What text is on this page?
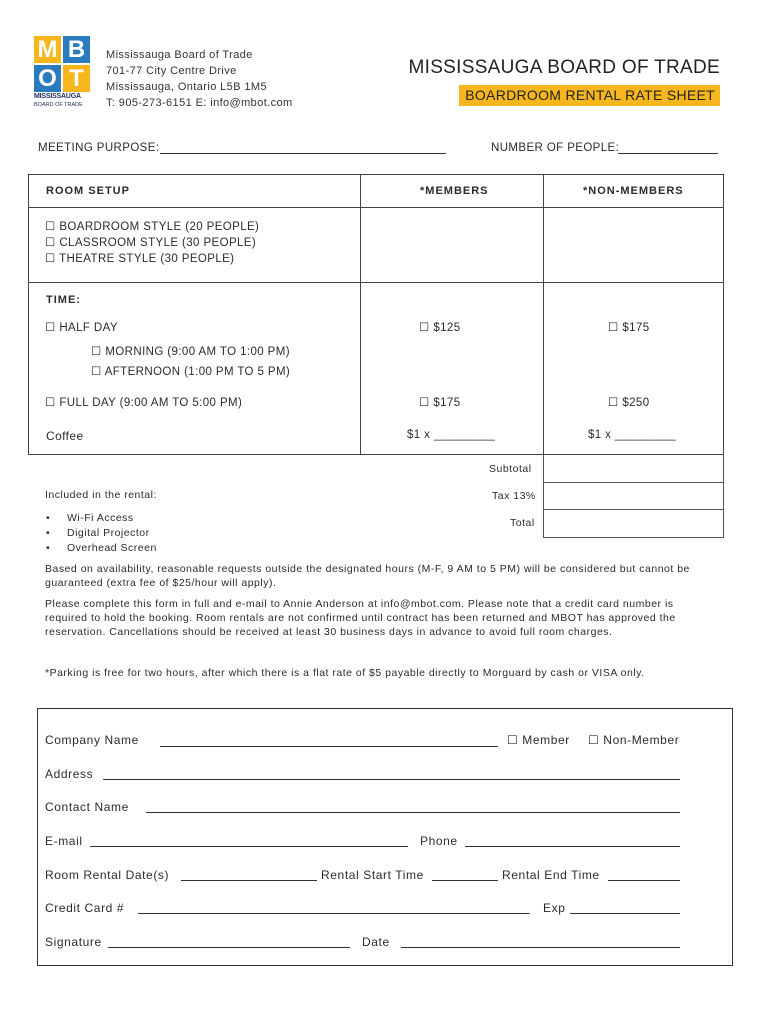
M B
O T
MISSISSAUGA
BOARD OF TRADE
Mississauga Board of Trade
701-77 City Centre Drive
Mississauga, Ontario L5B 1M5
T: 905-273-6151 E: info@mbot.com
MISSISSAUGA BOARD OF TRADE
BOARDROOM RENTAL RATE SHEET
MEETING PURPOSE:	NUMBER OF PEOPLE:
ROOM SETUP	*MEMBERS	*NON-MEMBERS
☐ BOARDROOM STYLE (20 PEOPLE)
☐ CLASSROOM STYLE (30 PEOPLE)
☐ THEATRE STYLE (30 PEOPLE)
TIME:
☐ HALF DAY	☐ $125	☐ $175
☐ MORNING (9:00 AM TO 1:00 PM)
☐ AFTERNOON (1:00 PM TO 5 PM)
☐ FULL DAY (9:00 AM TO 5:00 PM)	☐ $175	☐ $250
Coffee	$1 x _________	$1 x _________
Subtotal
Tax 13%
Total
Included in the rental:
• Wi-Fi Access
• Digital Projector
• Overhead Screen
Based on availability, reasonable requests outside the designated hours (M-F, 9 AM to 5 PM) will be considered but cannot be guaranteed (extra fee of $25/hour will apply).
Please complete this form in full and e-mail to Annie Anderson at info@mbot.com. Please note that a credit card number is required to hold the booking. Room rentals are not confirmed until contract has been returned and MBOT has approved the reservation. Cancellations should be received at least 30 business days in advance to avoid full room charges.
*Parking is free for two hours, after which there is a flat rate of $5 payable directly to Morguard by cash or VISA only.
Company Name	☐ Member ☐ Non-Member
Address
Contact Name
E-mail	Phone
Room Rental Date(s)	Rental Start Time	Rental End Time
Credit Card #	Exp
Signature	Date
